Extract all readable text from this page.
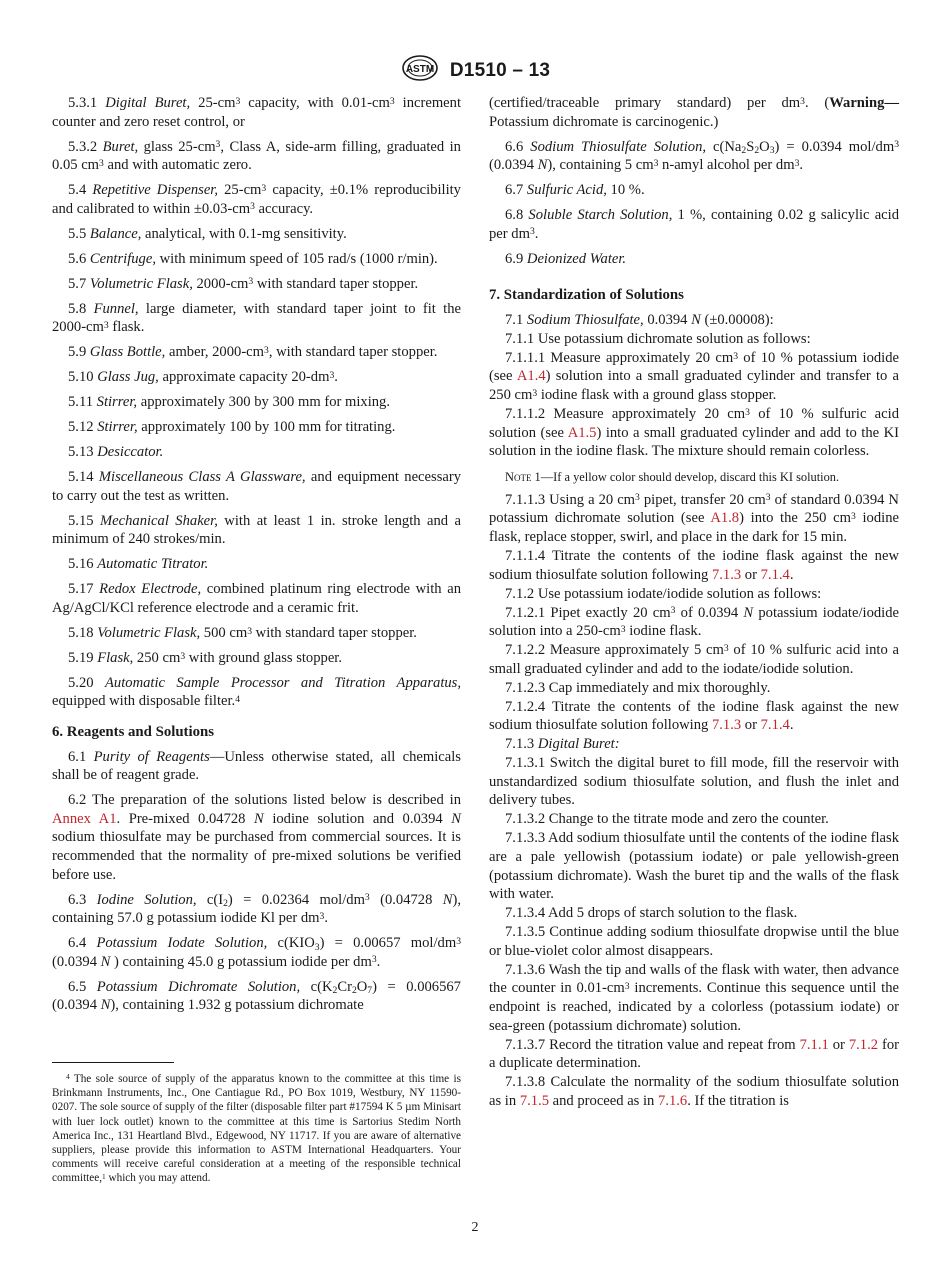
ASTM D1510 – 13

5.3.1 Digital Buret, $25-cm^3$ capacity, with $0.01-cm^3$ increment counter and zero reset control, or

5.3.2 Buret, glass $25-cm^3$, Class A, side-arm filling, graduated in 0.05 $cm^3$ and with automatic zero.

5.4 Repetitive Dispenser, $25-cm^3$ capacity, ±0.1% reproducibility and calibrated to within $\pm 0.03-cm^3$ accuracy.

5.5 Balance, analytical, with 0.1-mg sensitivity.

5.6 Centrifuge, with minimum speed of 105 rad/s (1000 r/min).

5.7 Volumetric Flask, $2000-cm^3$ with standard taper stopper.

5.8 Funnel, large diameter, with standard taper joint to fit the $2000-cm^3$ flask.

5.9 Glass Bottle, amber, $2000-cm^3$, with standard taper stopper.

5.10 Glass Jug, approximate capacity $20-dm^3$.

5.11 Stirrer, approximately 300 by 300 mm for mixing.

5.12 Stirrer, approximately 100 by 100 mm for titrating.

5.13 Desiccator.

5.14 Miscellaneous Class A Glassware, and equipment necessary to carry out the test as written.

5.15 Mechanical Shaker, with at least 1 in. stroke length and a minimum of 240 strokes/min.

5.16 Automatic Titrator.

5.17 Redox Electrode, combined platinum ring electrode with an Ag/AgCl/KCl reference electrode and a ceramic frit.

5.18 Volumetric Flask, 500 $cm^3$ with standard taper stopper.

5.19 Flask, 250 $cm^3$ with ground glass stopper.

5.20 Automatic Sample Processor and Titration Apparatus, equipped with disposable filter.$^4$

6. Reagents and Solutions

6.1 Purity of Reagents—Unless otherwise stated, all chemicals shall be of reagent grade.

6.2 The preparation of the solutions listed below is described in Annex A1. Pre-mixed 0.04728 N iodine solution and 0.0394 N sodium thiosulfate may be purchased from commercial sources. It is recommended that the normality of pre-mixed solutions be verified before use.

6.3 Iodine Solution, $c(I_2) = 0.02364$ mol/$dm^3$ (0.04728 N), containing 57.0 g potassium iodide Kl per $dm^3$.

6.4 Potassium Iodate Solution, $c(KIO_3) = 0.00657$ mol/$dm^3$ (0.0394 N ) containing 45.0 g potassium iodide per $dm^3$.

6.5 Potassium Dichromate Solution, $c(K_2Cr_2O_7) = 0.006567$ (0.0394 N), containing 1.932 g potassium dichromate

$^4$ The sole source of supply of the apparatus known to the committee at this time is Brinkmann Instruments, Inc., One Cantiague Rd., PO Box 1019, Westbury, NY 11590-0207. The sole source of supply of the filter (disposable filter part #17594 K 5 µm Minisart with luer lock outlet) known to the committee at this time is Sartorius Stedim North America Inc., 131 Heartland Blvd., Edgewood, NY 11717. If you are aware of alternative suppliers, please provide this information to ASTM International Headquarters. Your comments will receive careful consideration at a meeting of the responsible technical committee,$^1$ which you may attend.

(certified/traceable primary standard) per $dm^3$. (Warning— Potassium dichromate is carcinogenic.)

6.6 Sodium Thiosulfate Solution, $c(Na_2S_2O_3) = 0.0394$ mol/$dm^3$ (0.0394 N), containing 5 $cm^3$ n-amyl alcohol per $dm^3$.

6.7 Sulfuric Acid, 10 %.

6.8 Soluble Starch Solution, 1 %, containing 0.02 g salicylic acid per $dm^3$.

6.9 Deionized Water.

7. Standardization of Solutions

7.1 Sodium Thiosulfate, 0.0394 N (±0.00008):

7.1.1 Use potassium dichromate solution as follows:

7.1.1.1 Measure approximately 20 $cm^3$ of 10 % potassium iodide (see A1.4) solution into a small graduated cylinder and transfer to a 250 $cm^3$ iodine flask with a ground glass stopper.

7.1.1.2 Measure approximately 20 $cm^3$ of 10 % sulfuric acid solution (see A1.5) into a small graduated cylinder and add to the KI solution in the iodine flask. The mixture should remain colorless.

Note 1—If a yellow color should develop, discard this KI solution.

7.1.1.3 Using a 20 $cm^3$ pipet, transfer 20 $cm^3$ of standard 0.0394 N potassium dichromate solution (see A1.8) into the 250 $cm^3$ iodine flask, replace stopper, swirl, and place in the dark for 15 min.

7.1.1.4 Titrate the contents of the iodine flask against the new sodium thiosulfate solution following 7.1.3 or 7.1.4.

7.1.2 Use potassium iodate/iodide solution as follows:

7.1.2.1 Pipet exactly 20 $cm^3$ of 0.0394 N potassium iodate/iodide solution into a $250-cm^3$ iodine flask.

7.1.2.2 Measure approximately 5 $cm^3$ of 10 % sulfuric acid into a small graduated cylinder and add to the iodate/iodide solution.

7.1.2.3 Cap immediately and mix thoroughly.

7.1.2.4 Titrate the contents of the iodine flask against the new sodium thiosulfate solution following 7.1.3 or 7.1.4.

7.1.3 Digital Buret:

7.1.3.1 Switch the digital buret to fill mode, fill the reservoir with unstandardized sodium thiosulfate solution, and flush the inlet and delivery tubes.

7.1.3.2 Change to the titrate mode and zero the counter.

7.1.3.3 Add sodium thiosulfate until the contents of the iodine flask are a pale yellowish (potassium iodate) or pale yellowish-green (potassium dichromate). Wash the buret tip and the walls of the flask with water.

7.1.3.4 Add 5 drops of starch solution to the flask.

7.1.3.5 Continue adding sodium thiosulfate dropwise until the blue or blue-violet color almost disappears.

7.1.3.6 Wash the tip and walls of the flask with water, then advance the counter in $0.01-cm^3$ increments. Continue this sequence until the endpoint is reached, indicated by a colorless (potassium iodate) or sea-green (potassium dichromate) solution.

7.1.3.7 Record the titration value and repeat from 7.1.1 or 7.1.2 for a duplicate determination.

7.1.3.8 Calculate the normality of the sodium thiosulfate solution as in 7.1.5 and proceed as in 7.1.6. If the titration is

2
